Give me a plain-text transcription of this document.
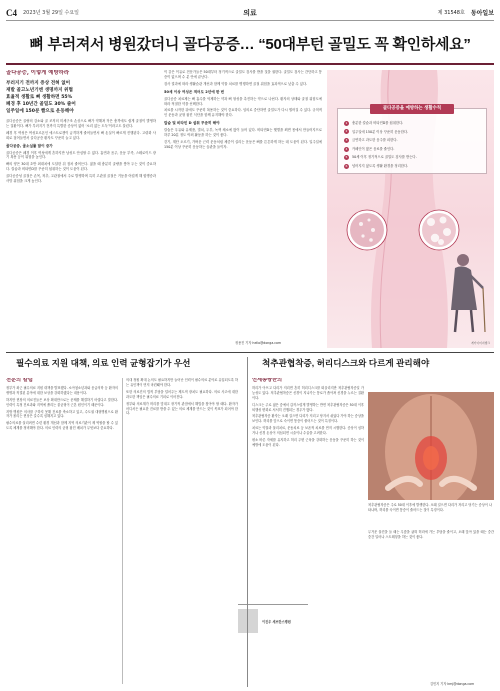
C4 2023년 3월 29일 수요일	의료	제 31548호 동아일보
뼈 부러져서 병원갔더니 골다공증… “50대부턴 골밀도 꼭 확인하세요”
골다공증, 이렇게 예방하라
부러지기 전까지 증상 전혀 없어
재발 골고노년기엔 생명까지 위협
효율적 생활로 뼈 생활하면 55%
폐경 후 10년간 골밀도 30% 줄어
일주일에 150분 빨으로 운동해야

골다공증은 골량의 감소와 골 조직의 미세구조 손상으로 뼈가 약해져 작은 충격에도 쉽게 골절이 발생하는 질환이다. 뼈가 부러지기 전까지 특별한 증상이 없어 ‘소리 없는 도둑’이라고도 불린다.

폐경 후 여성은 여성호르몬인 에스트로겐이 급격하게 줄어들면서 뼈 손실이 빠르게 진행된다. 고령화 사회로 접어들면서 골다공증 환자도 꾸준히 늘고 있다.

골다공증, 골소실률 많이 증가

골다공증은 폐경 이후 여성에게 흔하지만 남성도 안심할 수 없다. 흡연과 음주, 운동 부족, 스테로이드 장기 복용 등이 위험을 높인다.

뼈의 양은 30대 초반 최대치에 도달한 뒤 점차 줄어든다. 젊을 때 충분히 골량을 쌓아 두는 것이 중요하다. 칼슘과 비타민D를 꾸준히 섭취하는 것이 도움이 된다.

골다공증성 골절은 손목, 척추, 고관절에서 주로 발생하며 특히 고관절 골절은 거동을 어렵게 해 합병증과 사망 위험을 크게 높인다.

이 같은 이유로 전문가들은 50대부터 정기적으로 골밀도 검사를 받을 것을 권한다. 골밀도 검사는 간단하고 통증이 없으며 수 분 안에 끝난다.

검사 결과에 따라 생활습관 개선과 함께 약물 치료를 병행하면 골절 위험을 효과적으로 낮출 수 있다.

50세 이상 여성은 적어도 2년에 한 번

골다공증 치료제는 뼈 흡수를 억제하는 약과 뼈 형성을 촉진하는 약으로 나뉜다. 환자의 상태와 골절 위험도에 따라 적절한 약을 선택한다.

치료를 시작한 뒤에도 꾸준히 복용하는 것이 중요하다. 임의로 중단하면 골밀도가 다시 떨어질 수 있다. 규칙적인 운동과 균형 잡힌 식단을 함께 유지해야 한다.

칼슘 및 비타민 D 섭취 꾸준히 해야

칼슘은 우유와 유제품, 멸치, 두부, 녹색 채소에 많이 들어 있다. 비타민D는 햇볕을 쬐면 몸에서 만들어지므로 하루 20분 정도 야외 활동을 하는 것이 좋다.

걷기, 계단 오르기, 가벼운 근력 운동처럼 체중이 실리는 운동은 뼈를 튼튼하게 하는 데 도움이 된다. 일주일에 150분 이상 꾸준히 운동하는 습관을 들이자.

정용진 기자 hello@donga.com
골다공증을 예방하는 생활수칙
1	충분한 칼슘과 비타민D를 섭취한다.
2	일주일에 150분 이상 꾸준히 운동한다.
3	금연하고 과도한 음주를 피한다.
4	카페인이 많은 음료를 줄인다.
5	50세 이후 정기적으로 골밀도 검사를 받는다.
6	넘어지지 않도록 생활 환경을 정리한다.
게티이미지뱅크
필수의료 지원 대책, 의료 인력 균형잡기가 우선
전문의 칼럼

정부가 최근 필수의료 지원 대책을 발표했다. 소아청소년과와 응급의학 등 환자의 생명과 직결된 분야에 대한 보상을 강화하겠다는 내용이다.

하지만 현장의 의료진들은 보상 확대만으로는 문제를 해결하기 어렵다고 말한다. 인력이 특정 진료과와 지역에 쏠리는 불균형이 근본 원인이기 때문이다.

지방 병원은 의사를 구하지 못해 진료를 축소하고 있고, 수도권 대형병원으로 환자가 몰리는 현상은 갈수록 심해지고 있다.

필수의료를 살리려면 수련 환경 개선과 함께 지역 의료기관이 제 역할을 할 수 있도록 체계를 정비해야 한다. 의료 인력의 균형 잡힌 배치가 무엇보다 중요하다.

의대 정원 확대 논의도 필요하지만 늘어난 인력이 필수의료 분야로 유입되도록 하는 유인책이 먼저 마련돼야 한다.

또한 의료진의 법적 부담을 덜어주는 제도적 장치도 필요하다. 의료 사고에 대한 과도한 책임은 필수의료 기피로 이어진다.

정부와 의료계가 머리를 맞대고 장기적 관점에서 해법을 찾아야 할 때다. 환자가 어디서든 필요한 진료를 받을 수 있는 의료 체계를 만드는 것이 목표가 되어야 한다.

이진우 세브란스병원
척추관협착증, 허리디스크와 다르게 관리해야
연세송쌍한의

허리가 아프고 다리가 저리면 흔히 허리디스크를 떠올리지만 척추관협착증일 가능성도 있다. 척추관협착증은 신경이 지나가는 통로가 좁아져 신경을 누르는 질환이다.

디스크는 주로 젊은 층에서 갑작스럽게 발생하는 반면 척추관협착증은 50대 이후 퇴행성 변화로 서서히 진행되는 경우가 많다.

척추관협착증 환자는 오래 걸으면 다리가 저리고 당겨서 쉬었다 가야 하는 증상을 보인다. 허리를 앞으로 숙이면 통증이 줄어드는 것이 특징이다.

치료는 약물과 물리치료, 운동치료 등 보존적 치료를 먼저 시행한다. 증상이 심하거나 신경 손상이 의심되면 시술이나 수술을 고려한다.

평소 바른 자세를 유지하고 허리 주변 근육을 강화하는 운동을 꾸준히 하는 것이 예방에 도움이 된다.

척추관협착증은 주로 50대 이후에 발생한다. 오래 걸으면 다리가 저리고 당기는 증상이 나타나며, 허리를 숙이면 통증이 줄어드는 것이 특징이다.

무거운 물건을 들 때는 무릎을 굽혀 허리에 가는 부담을 줄이고, 오래 앉아 있을 때는 중간중간 일어나 스트레칭을 하는 것이 좋다.

김민지 기자 kmj@donga.com
